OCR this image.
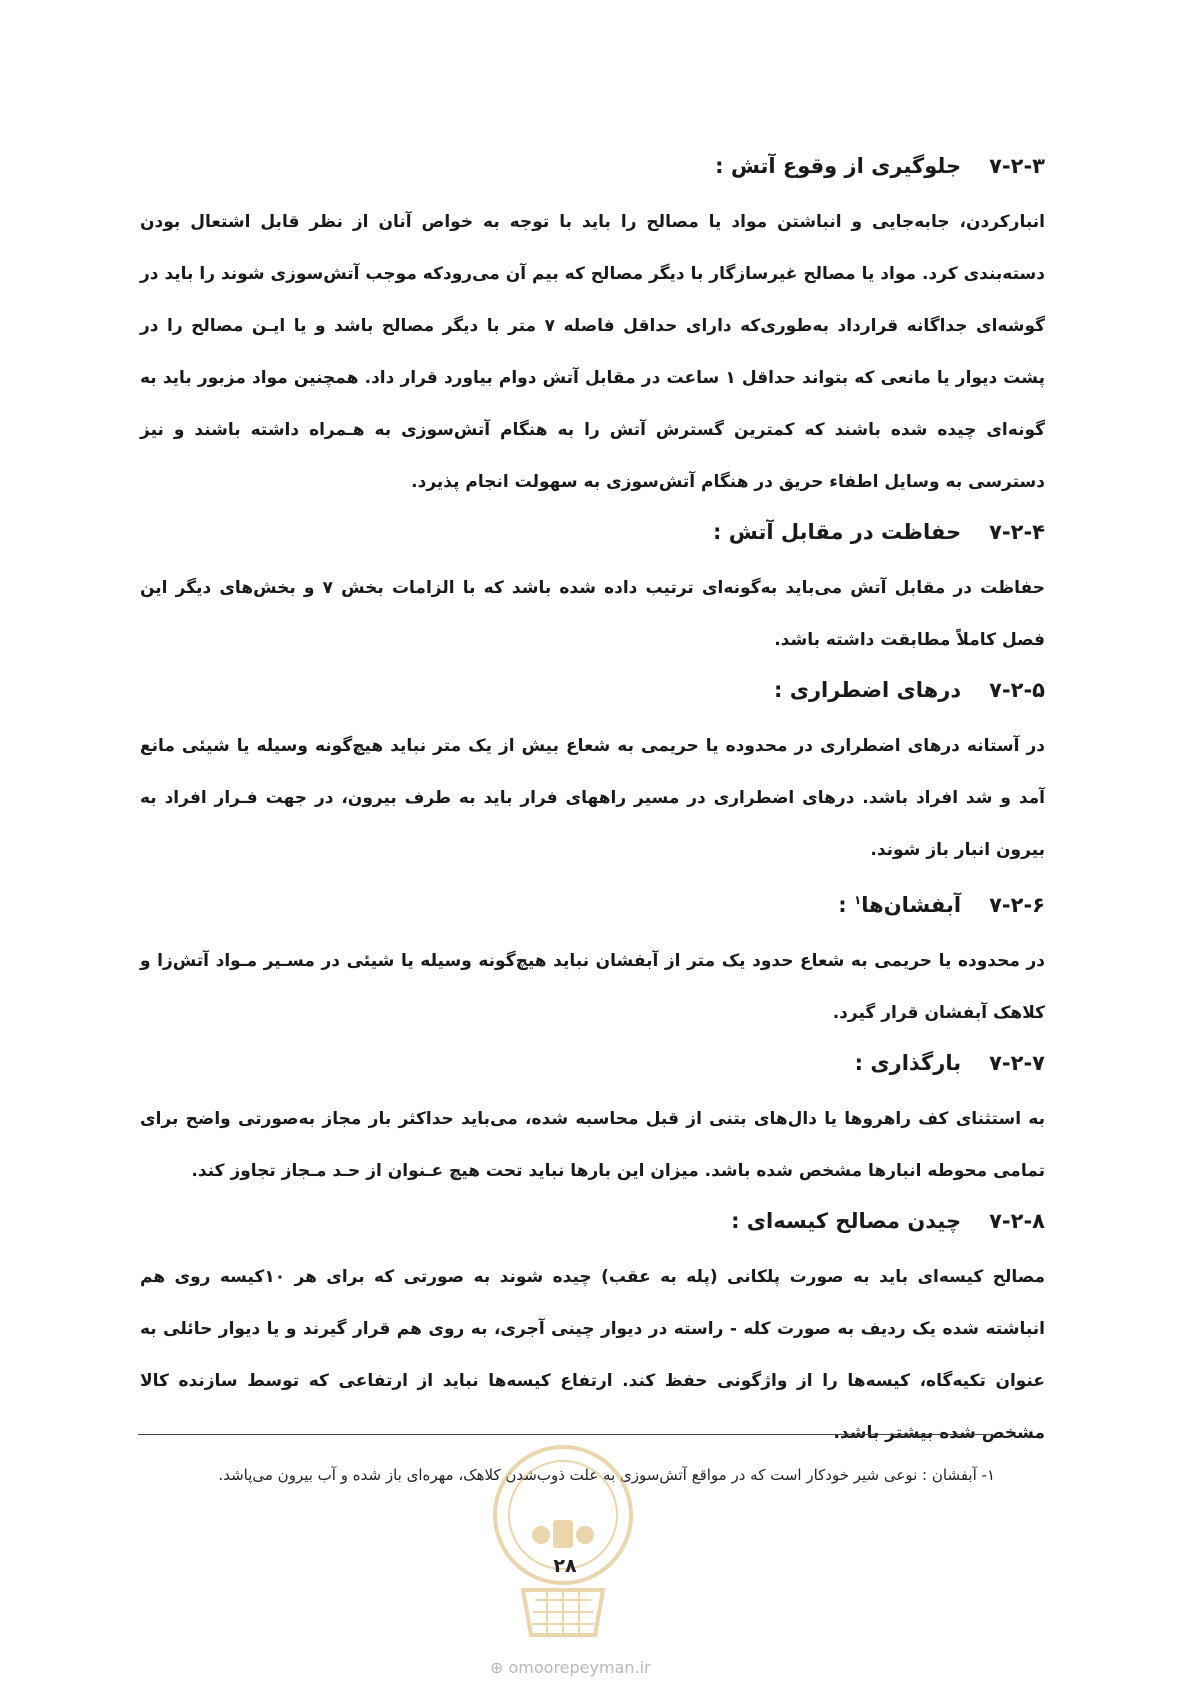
۷-۲-۳
جلوگیری از وقوع آتش :

انبارکردن، جابه‌جایی و انباشتن مواد یا مصالح را باید با توجه به خواص آنان از نظر قابل اشتعال بودن دسته‌بندی کرد. مواد یا مصالح غیرسازگار با دیگر مصالح که بیم آن می‌رودکه موجب آتش‌سوزی شوند را باید در گوشه‌ای جداگانه قرارداد به‌طوری‌که دارای حداقل فاصله ۷ متر با دیگر مصالح باشد و یا ایـن مصالح را در پشت دیوار یا مانعی که بتواند حداقل ۱ ساعت در مقابل آتش دوام بیاورد قرار داد. همچنین مواد مزبور باید به گونه‌ای چیده شده باشند که کمترین گسترش آتش را به هنگام آتش‌سوزی به هـمراه داشته باشند و نیز دسترسی به وسایل اطفاء حریق در هنگام آتش‌سوزی به سهولت انجام پذیرد.

۷-۲-۴
حفاظت در مقابل آتش :

حفاظت در مقابل آتش می‌باید به‌گونه‌ای ترتیب داده شده باشد که با الزامات بخش ۷ و بخش‌های دیگر این فصل کاملاً مطابقت داشته باشد.

۷-۲-۵
درهای اضطراری :

در آستانه درهای اضطراری در محدوده یا حریمی به شعاع بیش از یک متر نباید هیچ‌گونه وسیله یا شیئی مانع آمد و شد افراد باشد. درهای اضطراری در مسیر راههای فرار باید به طرف بیرون، در جهت فـرار افراد به بیرون انبار باز شوند.

۷-۲-۶
آبفشان‌ها$^۱$ :

در محدوده یا حریمی به شعاع حدود یک متر از آبفشان نباید هیچ‌گونه وسیله یا شیئی در مسـیر مـواد آتش‌زا و کلاهک آبفشان قرار گیرد.

۷-۲-۷
بارگذاری :

به استثنای کف راهروها یا دال‌های بتنی از قبل محاسبه شده، می‌باید حداکثر بار مجاز به‌صورتی واضح برای تمامی محوطه انبارها مشخص شده باشد. میزان این بارها نباید تحت هیچ عـنوان از حـد مـجاز تجاوز کند.

۷-۲-۸
چیدن مصالح کیسه‌ای :

مصالح کیسه‌ای باید به صورت پلکانی (پله به عقب) چیده شوند به صورتی که برای هر ۱۰کیسه روی هم انباشته شده یک ردیف به صورت کله - راسته در دیوار چینی آجری، به روی هم قرار گیرند و یا دیوار حائلی به عنوان تکیه‌گاه، کیسه‌ها را از واژگونی حفظ کند. ارتفاع کیسه‌ها نباید از ارتفاعی که توسط سازنده کالا مشخص شده بیشتر باشد.

۱- آبفشان : نوعی شیر خودکار است که در مواقع آتش‌سوزی به علت ذوب‌شدن کلاهک، مهره‌ای باز شده و آب بیرون می‌پاشد.
۲۸
⊕ omoorepeyman.ir
